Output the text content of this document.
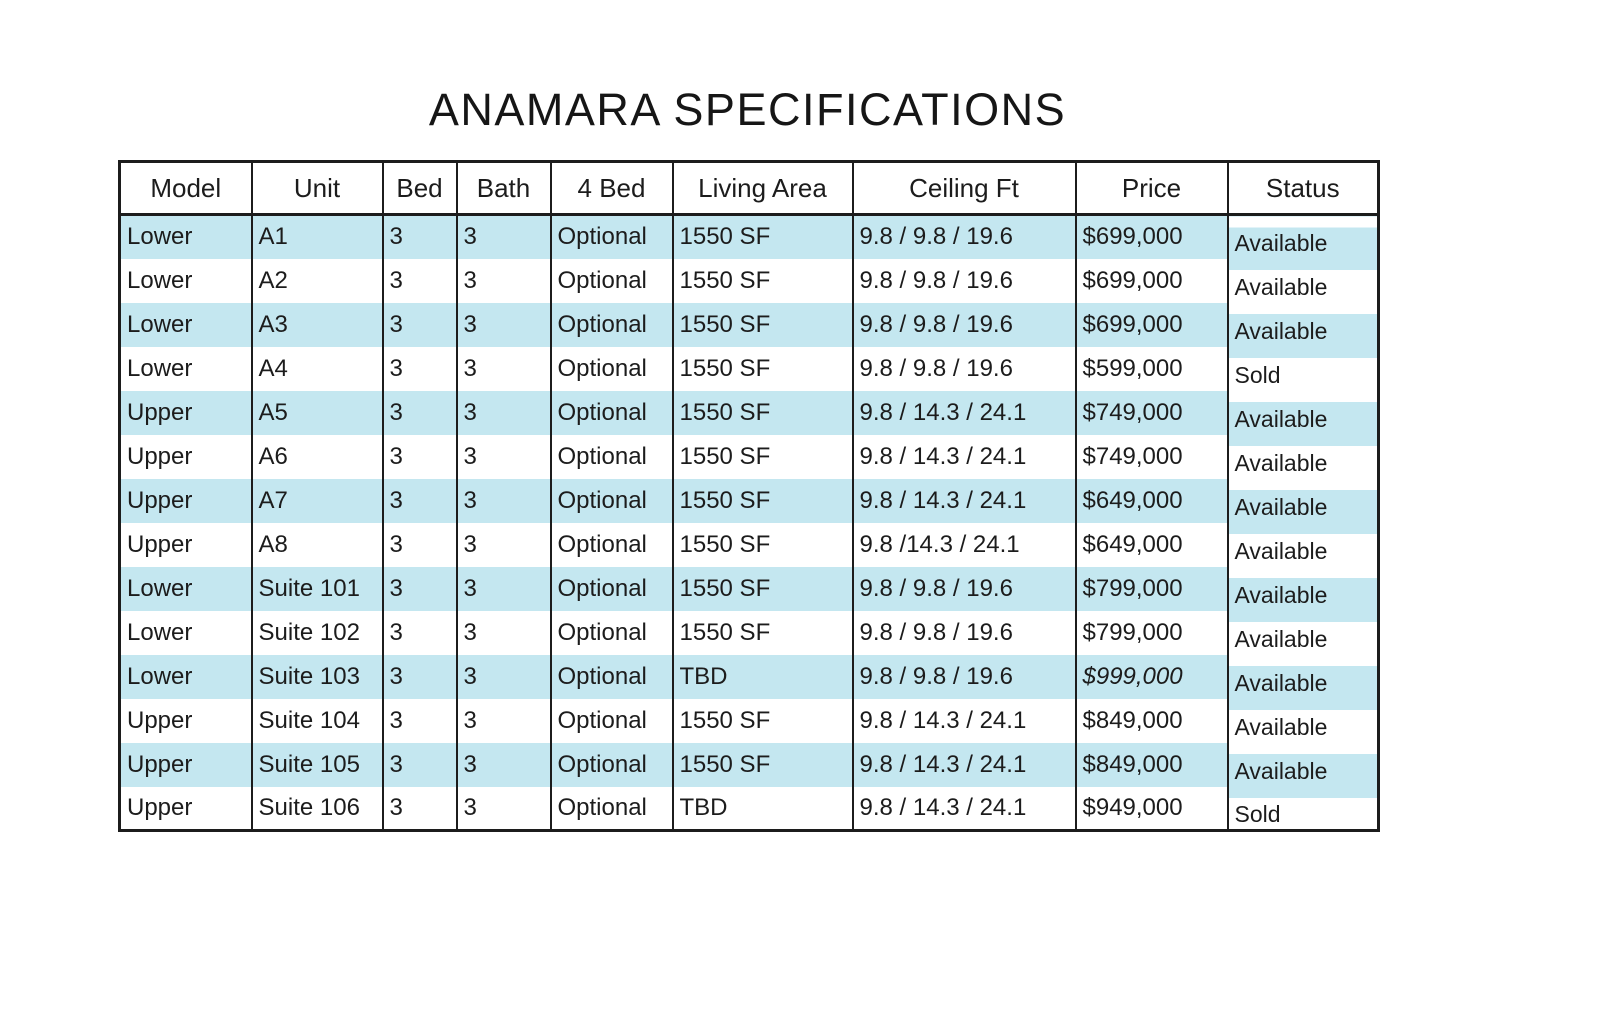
ANAMARA SPECIFICATIONS
Model	Unit	Bed	Bath	4 Bed	Living Area	Ceiling Ft	Price	Status
Lower	A1	3	3	Optional	1550 SF	9.8 / 9.8 / 19.6	$699,000	Available
Lower	A2	3	3	Optional	1550 SF	9.8 / 9.8 / 19.6	$699,000	Available
Lower	A3	3	3	Optional	1550 SF	9.8 / 9.8 / 19.6	$699,000	Available
Lower	A4	3	3	Optional	1550 SF	9.8 / 9.8 / 19.6	$599,000	Sold
Upper	A5	3	3	Optional	1550 SF	9.8 / 14.3 / 24.1	$749,000	Available
Upper	A6	3	3	Optional	1550 SF	9.8 / 14.3 / 24.1	$749,000	Available
Upper	A7	3	3	Optional	1550 SF	9.8 / 14.3 / 24.1	$649,000	Available
Upper	A8	3	3	Optional	1550 SF	9.8 /14.3 / 24.1	$649,000	Available
Lower	Suite 101	3	3	Optional	1550 SF	9.8 / 9.8 / 19.6	$799,000	Available
Lower	Suite 102	3	3	Optional	1550 SF	9.8 / 9.8 / 19.6	$799,000	Available
Lower	Suite 103	3	3	Optional	TBD	9.8 / 9.8 / 19.6	$999,000	Available
Upper	Suite 104	3	3	Optional	1550 SF	9.8 / 14.3 / 24.1	$849,000	Available
Upper	Suite 105	3	3	Optional	1550 SF	9.8 / 14.3 / 24.1	$849,000	Available
Upper	Suite 106	3	3	Optional	TBD	9.8 / 14.3 / 24.1	$949,000	Sold
